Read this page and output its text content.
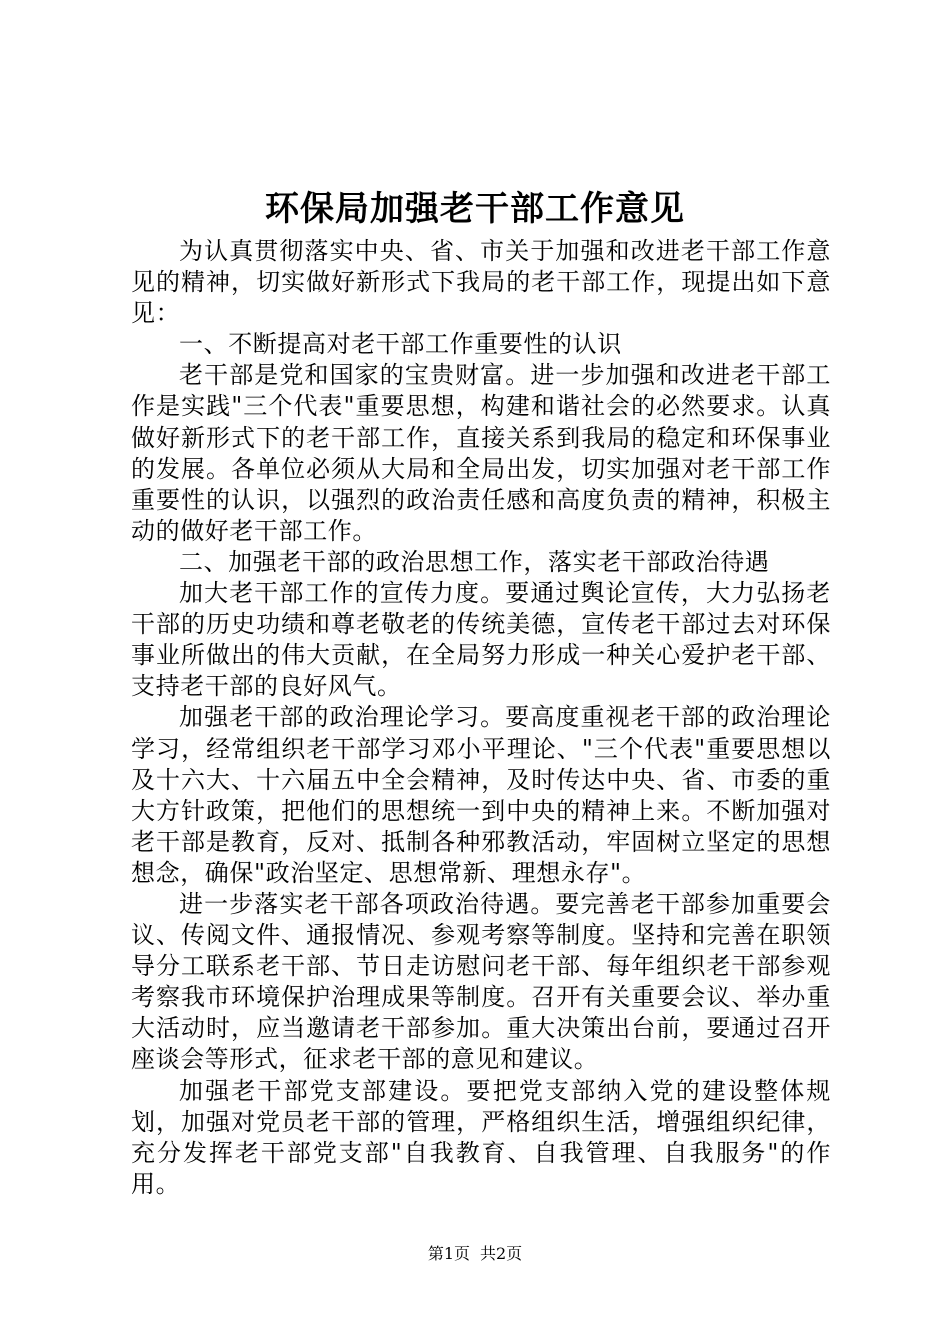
环保局加强老干部工作意见

为认真贯彻落实中央、省、市关于加强和改进老干部工作意见的精神，切实做好新形式下我局的老干部工作，现提出如下意见：

一、不断提高对老干部工作重要性的认识

老干部是党和国家的宝贵财富。进一步加强和改进老干部工作是实践"三个代表"重要思想，构建和谐社会的必然要求。认真做好新形式下的老干部工作，直接关系到我局的稳定和环保事业的发展。各单位必须从大局和全局出发，切实加强对老干部工作重要性的认识，以强烈的政治责任感和高度负责的精神，积极主动的做好老干部工作。

二、加强老干部的政治思想工作，落实老干部政治待遇

加大老干部工作的宣传力度。要通过舆论宣传，大力弘扬老干部的历史功绩和尊老敬老的传统美德，宣传老干部过去对环保事业所做出的伟大贡献，在全局努力形成一种关心爱护老干部、支持老干部的良好风气。

加强老干部的政治理论学习。要高度重视老干部的政治理论学习，经常组织老干部学习邓小平理论、"三个代表"重要思想以及十六大、十六届五中全会精神，及时传达中央、省、市委的重大方针政策，把他们的思想统一到中央的精神上来。不断加强对老干部是教育，反对、抵制各种邪教活动，牢固树立坚定的思想想念，确保"政治坚定、思想常新、理想永存"。

进一步落实老干部各项政治待遇。要完善老干部参加重要会议、传阅文件、通报情况、参观考察等制度。坚持和完善在职领导分工联系老干部、节日走访慰问老干部、每年组织老干部参观考察我市环境保护治理成果等制度。召开有关重要会议、举办重大活动时，应当邀请老干部参加。重大决策出台前，要通过召开座谈会等形式，征求老干部的意见和建议。

加强老干部党支部建设。要把党支部纳入党的建设整体规划，加强对党员老干部的管理，严格组织生活，增强组织纪律，充分发挥老干部党支部"自我教育、自我管理、自我服务"的作用。

第1页 共2页
